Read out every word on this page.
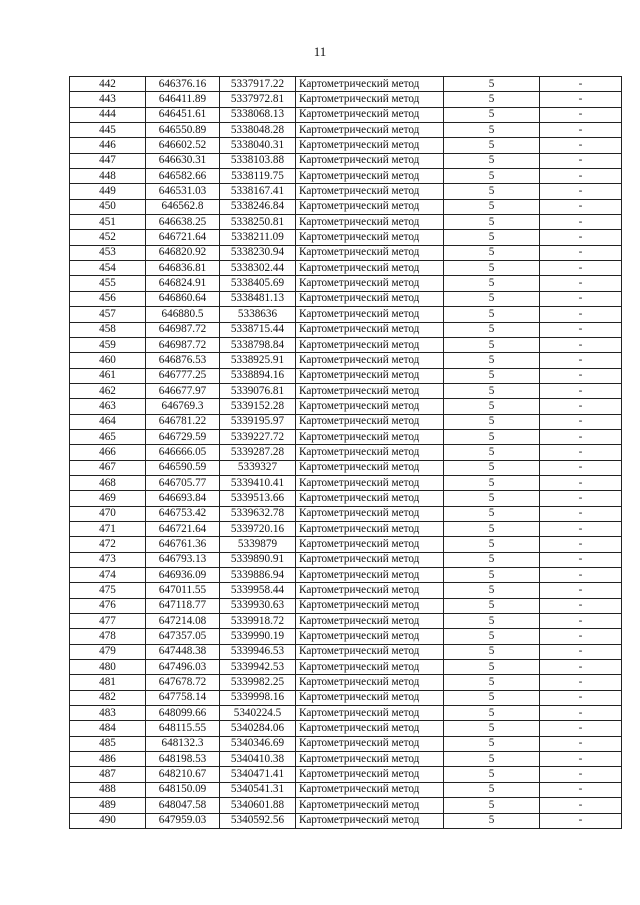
11
442	646376.16	5337917.22	Картометрический метод	5	-
443	646411.89	5337972.81	Картометрический метод	5	-
444	646451.61	5338068.13	Картометрический метод	5	-
445	646550.89	5338048.28	Картометрический метод	5	-
446	646602.52	5338040.31	Картометрический метод	5	-
447	646630.31	5338103.88	Картометрический метод	5	-
448	646582.66	5338119.75	Картометрический метод	5	-
449	646531.03	5338167.41	Картометрический метод	5	-
450	646562.8	5338246.84	Картометрический метод	5	-
451	646638.25	5338250.81	Картометрический метод	5	-
452	646721.64	5338211.09	Картометрический метод	5	-
453	646820.92	5338230.94	Картометрический метод	5	-
454	646836.81	5338302.44	Картометрический метод	5	-
455	646824.91	5338405.69	Картометрический метод	5	-
456	646860.64	5338481.13	Картометрический метод	5	-
457	646880.5	5338636	Картометрический метод	5	-
458	646987.72	5338715.44	Картометрический метод	5	-
459	646987.72	5338798.84	Картометрический метод	5	-
460	646876.53	5338925.91	Картометрический метод	5	-
461	646777.25	5338894.16	Картометрический метод	5	-
462	646677.97	5339076.81	Картометрический метод	5	-
463	646769.3	5339152.28	Картометрический метод	5	-
464	646781.22	5339195.97	Картометрический метод	5	-
465	646729.59	5339227.72	Картометрический метод	5	-
466	646666.05	5339287.28	Картометрический метод	5	-
467	646590.59	5339327	Картометрический метод	5	-
468	646705.77	5339410.41	Картометрический метод	5	-
469	646693.84	5339513.66	Картометрический метод	5	-
470	646753.42	5339632.78	Картометрический метод	5	-
471	646721.64	5339720.16	Картометрический метод	5	-
472	646761.36	5339879	Картометрический метод	5	-
473	646793.13	5339890.91	Картометрический метод	5	-
474	646936.09	5339886.94	Картометрический метод	5	-
475	647011.55	5339958.44	Картометрический метод	5	-
476	647118.77	5339930.63	Картометрический метод	5	-
477	647214.08	5339918.72	Картометрический метод	5	-
478	647357.05	5339990.19	Картометрический метод	5	-
479	647448.38	5339946.53	Картометрический метод	5	-
480	647496.03	5339942.53	Картометрический метод	5	-
481	647678.72	5339982.25	Картометрический метод	5	-
482	647758.14	5339998.16	Картометрический метод	5	-
483	648099.66	5340224.5	Картометрический метод	5	-
484	648115.55	5340284.06	Картометрический метод	5	-
485	648132.3	5340346.69	Картометрический метод	5	-
486	648198.53	5340410.38	Картометрический метод	5	-
487	648210.67	5340471.41	Картометрический метод	5	-
488	648150.09	5340541.31	Картометрический метод	5	-
489	648047.58	5340601.88	Картометрический метод	5	-
490	647959.03	5340592.56	Картометрический метод	5	-
